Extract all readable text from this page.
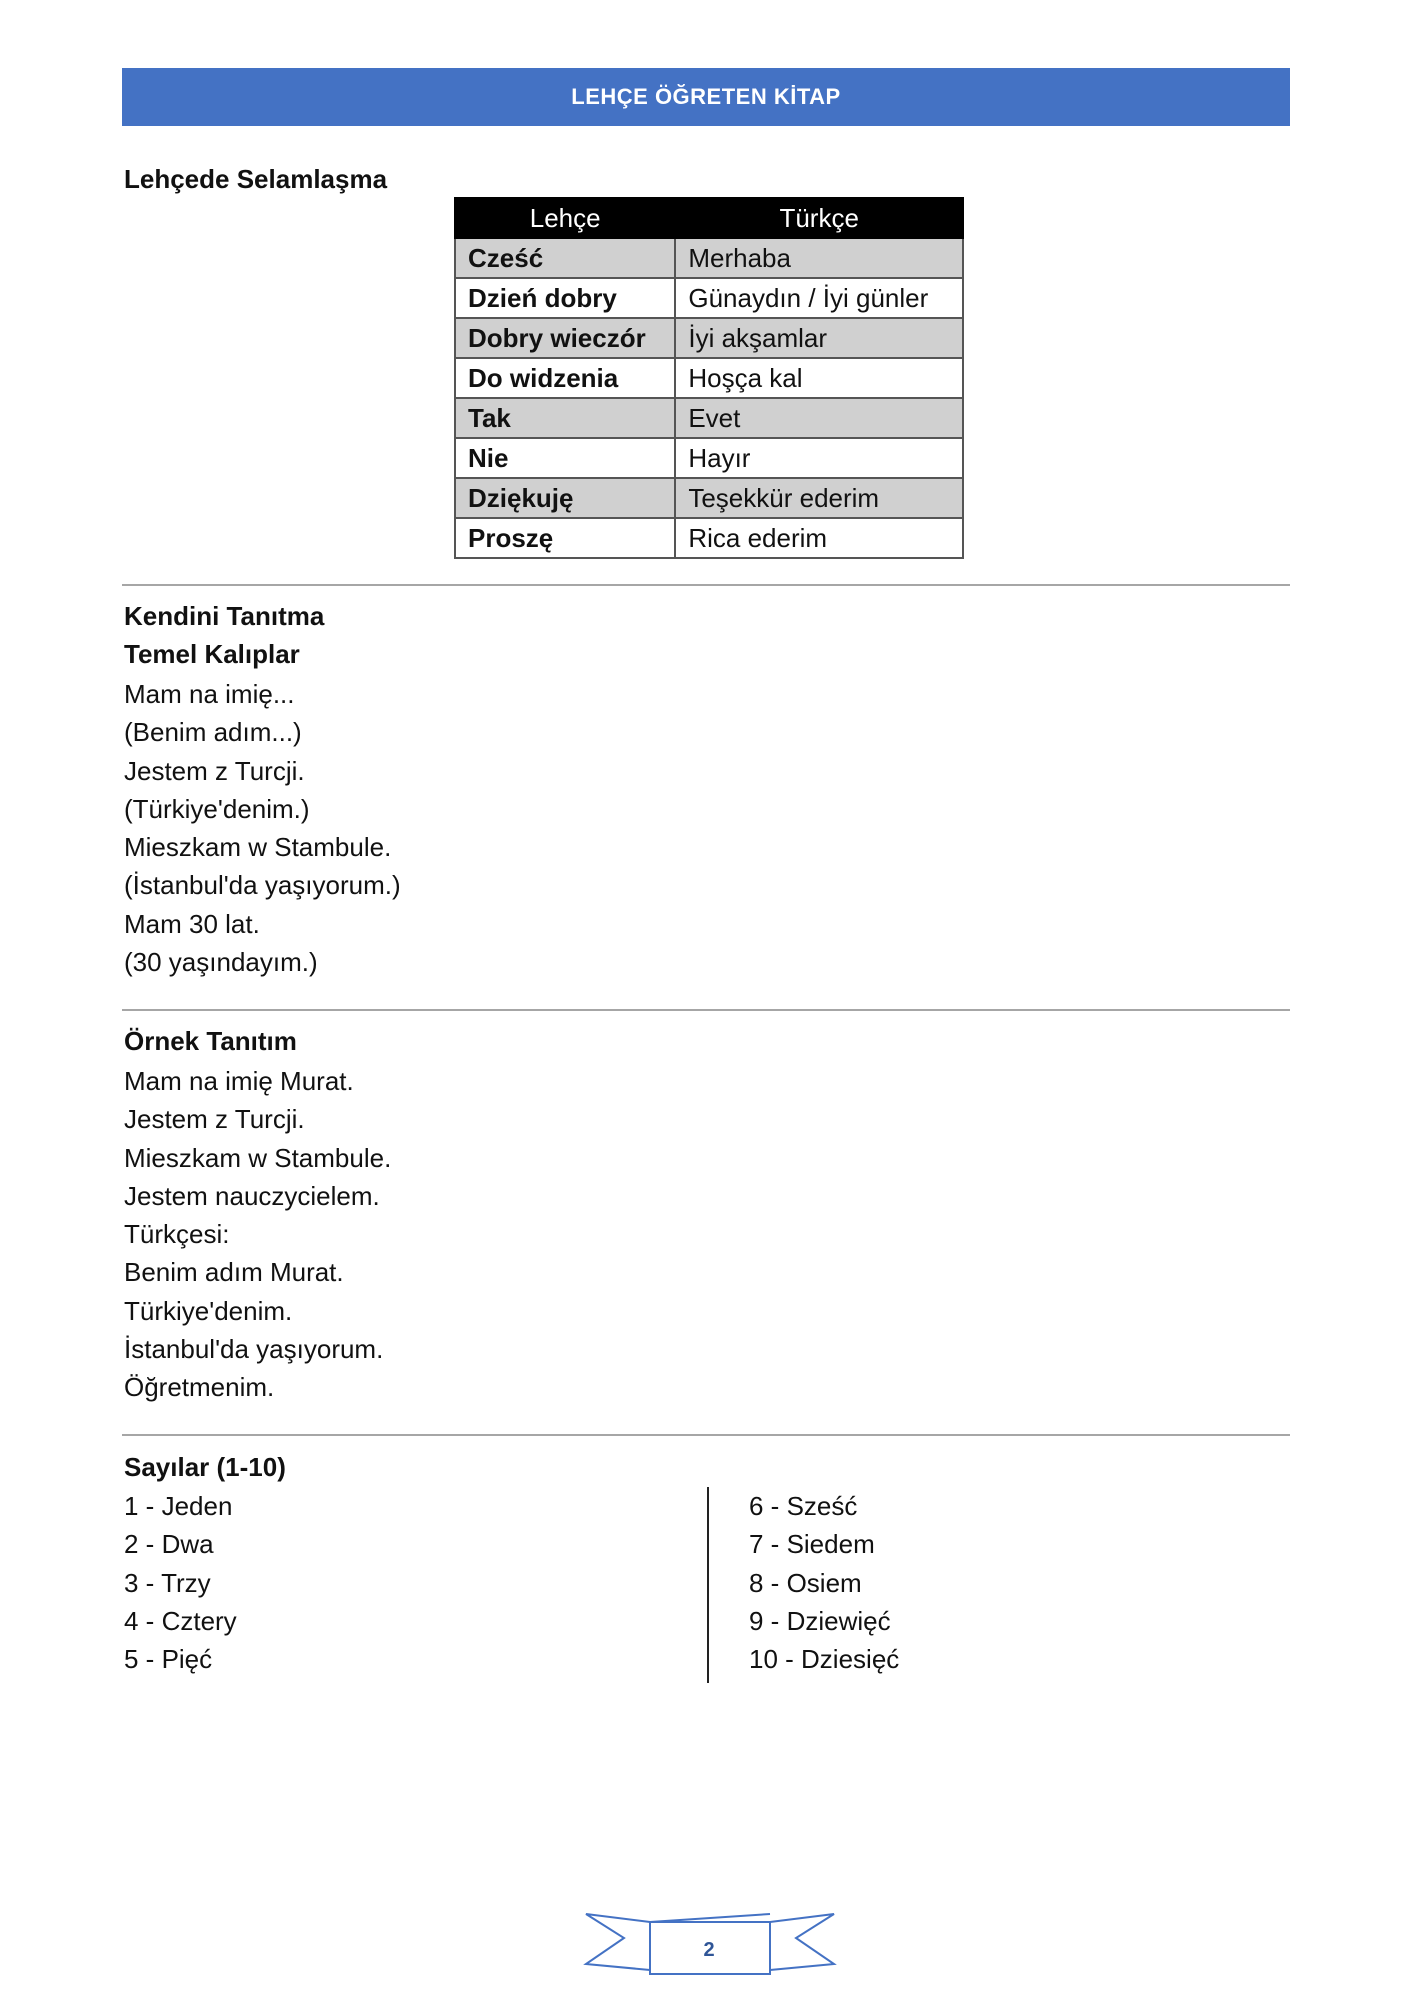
LEHÇE ÖĞRETEN KİTAP
Lehçede Selamlaşma
Lehçe	Türkçe
Cześć	Merhaba
Dzień dobry	Günaydın / İyi günler
Dobry wieczór	İyi akşamlar
Do widzenia	Hoşça kal
Tak	Evet
Nie	Hayır
Dziękuję	Teşekkür ederim
Proszę	Rica ederim
Kendini Tanıtma
Temel Kalıplar
Mam na imię...
(Benim adım...)
Jestem z Turcji.
(Türkiye'denim.)
Mieszkam w Stambule.
(İstanbul'da yaşıyorum.)
Mam 30 lat.
(30 yaşındayım.)
Örnek Tanıtım
Mam na imię Murat.
Jestem z Turcji.
Mieszkam w Stambule.
Jestem nauczycielem.
Türkçesi:
Benim adım Murat.
Türkiye'denim.
İstanbul'da yaşıyorum.
Öğretmenim.
Sayılar (1-10)
1 - Jeden
2 - Dwa
3 - Trzy
4 - Cztery
5 - Pięć
6 - Sześć
7 - Siedem
8 - Osiem
9 - Dziewięć
10 - Dziesięć
2
